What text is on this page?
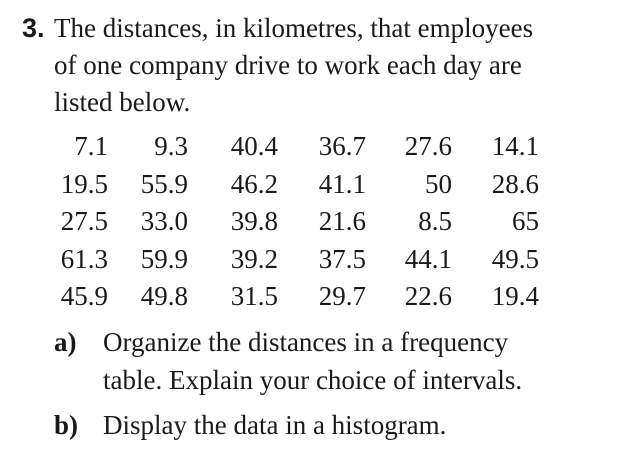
3. The distances, in kilometres, that employees
of one company drive to work each day are
listed below.
7.1	9.3	40.4	36.7	27.6	14.1
19.5	55.9	46.2	41.1	50	28.6
27.5	33.0	39.8	21.6	8.5	65
61.3	59.9	39.2	37.5	44.1	49.5
45.9	49.8	31.5	29.7	22.6	19.4
a) Organize the distances in a frequency
table. Explain your choice of intervals.
b) Display the data in a histogram.
